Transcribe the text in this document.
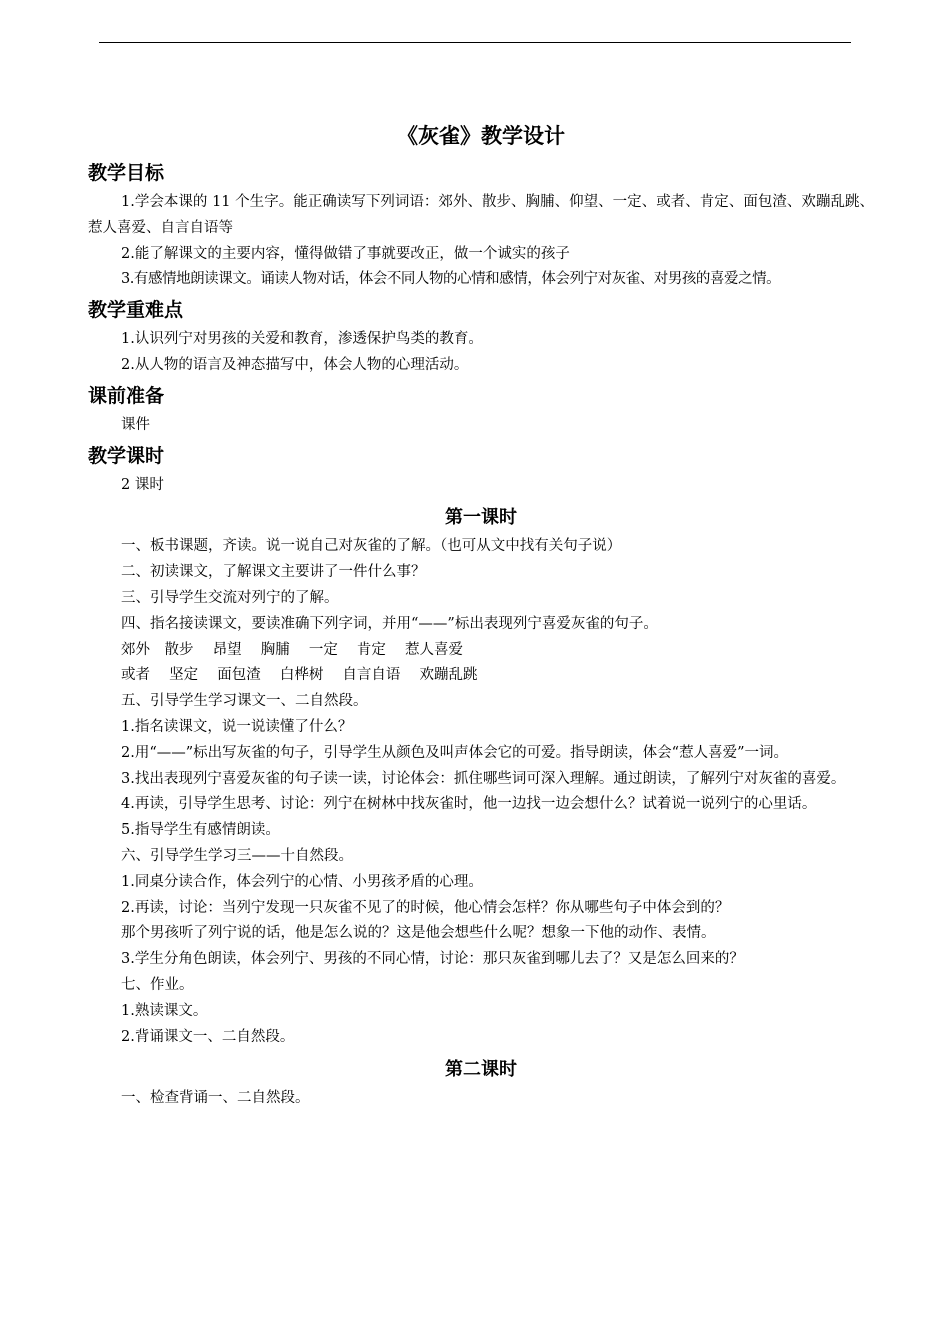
《灰雀》教学设计
教学目标

1.学会本课的 11 个生字。能正确读写下列词语：郊外、散步、胸脯、仰望、一定、或者、肯定、面包渣、欢蹦乱跳、惹人喜爱、自言自语等

2.能了解课文的主要内容，懂得做错了事就要改正，做一个诚实的孩子

3.有感情地朗读课文。诵读人物对话，体会不同人物的心情和感情，体会列宁对灰雀、对男孩的喜爱之情。

教学重难点

1.认识列宁对男孩的关爱和教育，渗透保护鸟类的教育。

2.从人物的语言及神态描写中，体会人物的心理活动。

课前准备

课件

教学课时

2 课时

第一课时

一、板书课题，齐读。说一说自己对灰雀的了解。（也可从文中找有关句子说）

二、初读课文，了解课文主要讲了一件什么事？

三、引导学生交流对列宁的了解。

四、指名接读课文，要读准确下列字词，并用“——”标出表现列宁喜爱灰雀的句子。

郊外　散步　 昂望　 胸脯　 一定　 肯定　 惹人喜爱

或者　 坚定　 面包渣　 白桦树　 自言自语　 欢蹦乱跳

五、引导学生学习课文一、二自然段。

1.指名读课文，说一说读懂了什么？

2.用“——”标出写灰雀的句子，引导学生从颜色及叫声体会它的可爱。指导朗读，体会“惹人喜爱”一词。

3.找出表现列宁喜爱灰雀的句子读一读，讨论体会：抓住哪些词可深入理解。通过朗读，了解列宁对灰雀的喜爱。

4.再读，引导学生思考、讨论：列宁在树林中找灰雀时，他一边找一边会想什么？试着说一说列宁的心里话。

5.指导学生有感情朗读。

六、引导学生学习三——十自然段。

1.同桌分读合作，体会列宁的心情、小男孩矛盾的心理。

2.再读，讨论：当列宁发现一只灰雀不见了的时候，他心情会怎样？你从哪些句子中体会到的？

那个男孩听了列宁说的话，他是怎么说的？这是他会想些什么呢？想象一下他的动作、表情。

3.学生分角色朗读，体会列宁、男孩的不同心情，讨论：那只灰雀到哪儿去了？又是怎么回来的？

七、作业。

1.熟读课文。

2.背诵课文一、二自然段。

第二课时

一、检查背诵一、二自然段。
